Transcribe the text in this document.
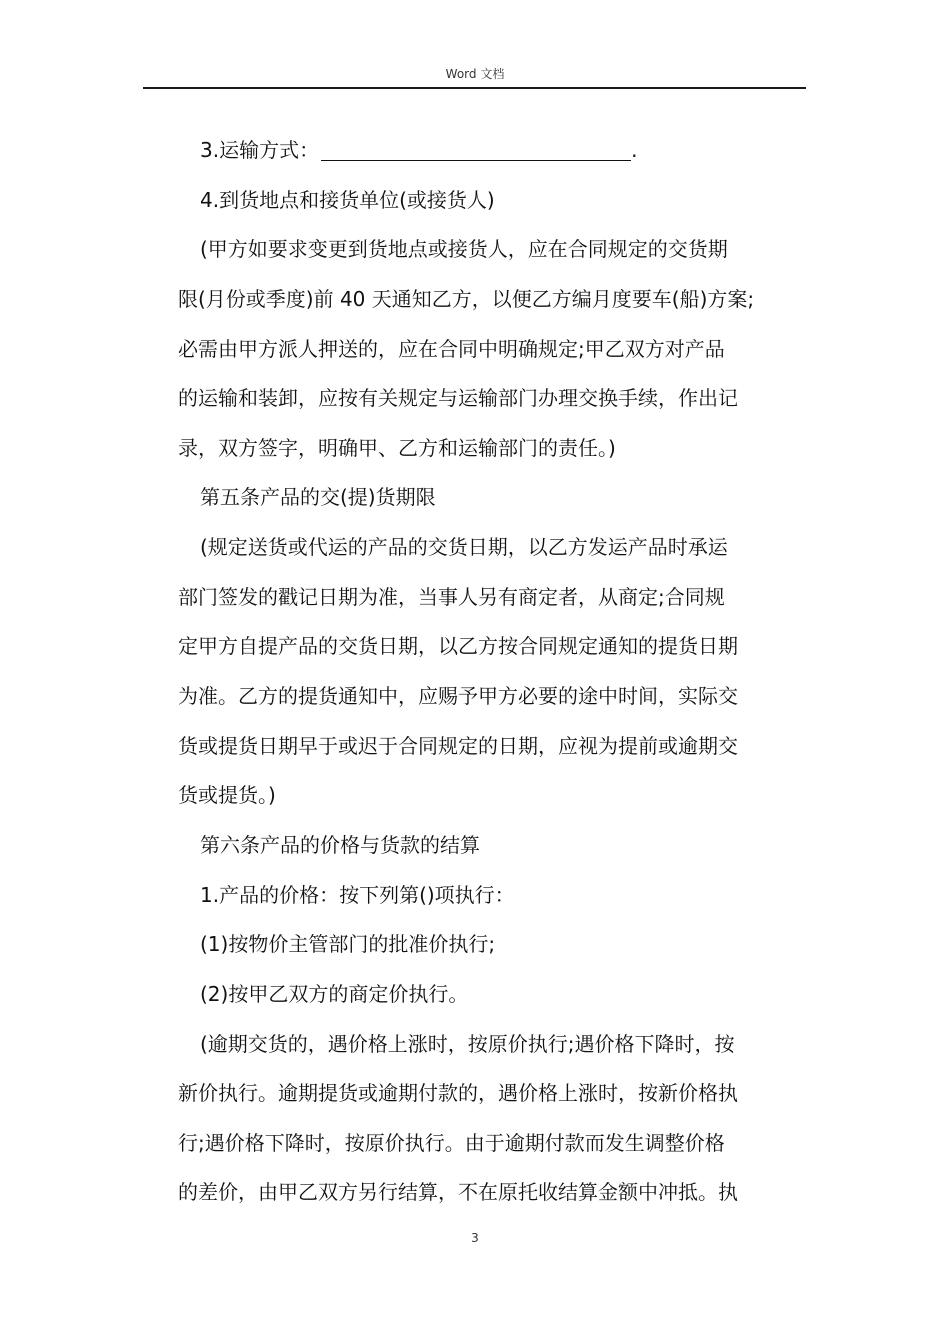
Word 文档
3.运输方式：	.
4.到货地点和接货单位(或接货人)
(甲方如要求变更到货地点或接货人，应在合同规定的交货期
限(月份或季度)前 40 天通知乙方，以便乙方编月度要车(船)方案;
必需由甲方派人押送的，应在合同中明确规定;甲乙双方对产品
的运输和装卸，应按有关规定与运输部门办理交换手续，作出记
录，双方签字，明确甲、乙方和运输部门的责任。)
第五条产品的交(提)货期限
(规定送货或代运的产品的交货日期，以乙方发运产品时承运
部门签发的戳记日期为准，当事人另有商定者，从商定;合同规
定甲方自提产品的交货日期，以乙方按合同规定通知的提货日期
为准。乙方的提货通知中，应赐予甲方必要的途中时间，实际交
货或提货日期早于或迟于合同规定的日期，应视为提前或逾期交
货或提货。)
第六条产品的价格与货款的结算
1.产品的价格：按下列第()项执行：
(1)按物价主管部门的批准价执行;
(2)按甲乙双方的商定价执行。
(逾期交货的，遇价格上涨时，按原价执行;遇价格下降时，按
新价执行。逾期提货或逾期付款的，遇价格上涨时，按新价格执
行;遇价格下降时，按原价执行。由于逾期付款而发生调整价格
的差价，由甲乙双方另行结算，不在原托收结算金额中冲抵。执
3
